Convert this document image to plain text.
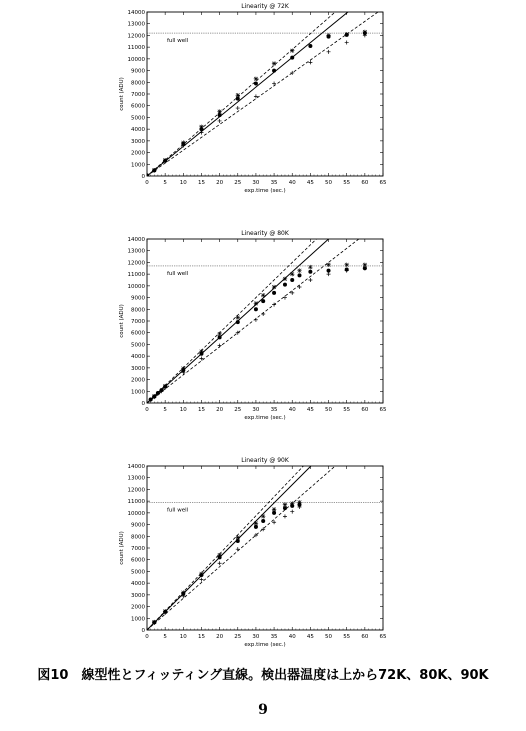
Linearity @ 72K
0	5 10 15 20 25 30 35 40 45 50 55 60 65
0
1000
2000
3000
4000
5000
6000
7000
8000
9000
10000
11000
12000
13000
14000
exp.time (sec.)
count (ADU)
full well
Linearity @ 80K
0	5 10 15 20 25 30 35 40 45 50 55 60 65
0
1000
2000
3000
4000
5000
6000
7000
8000
9000
10000
11000
12000
13000
14000
exp.time (sec.)
count (ADU)
full well
Linearity @ 90K
0	5 10 15 20 25 30 35 40 45 50 55 60 65
0
1000
2000
3000
4000
5000
6000
7000
8000
9000
10000
11000
12000
13000
14000
exp.time (sec.)
count (ADU)
full well
図10　線型性とフィッティング直線。検出器温度は上から72K、80K、90K
9
